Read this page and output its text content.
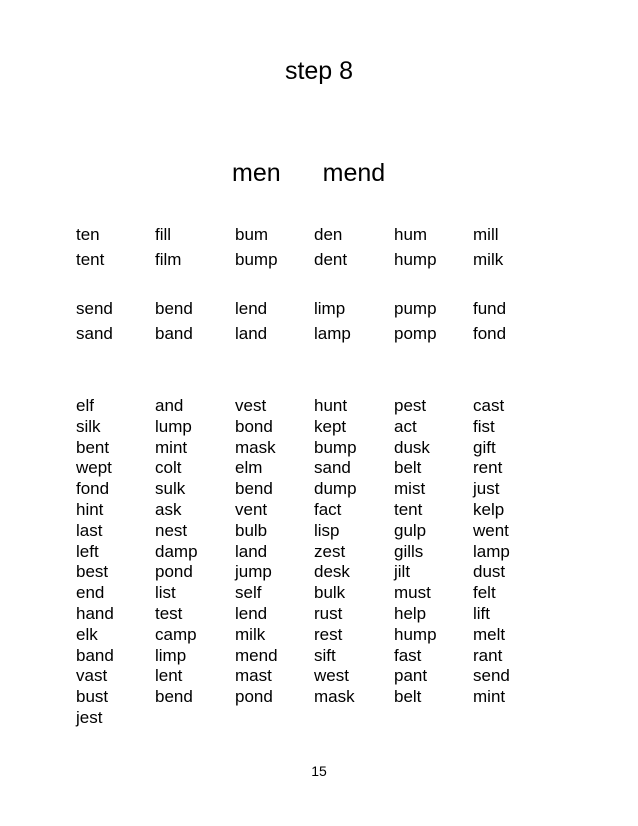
step 8
men mend
ten	fill	bum	den	hum	mill
tent	film	bump	dent	hump	milk
send	bend	lend	limp	pump	fund
sand	band	land	lamp	pomp	fond
elf	and	vest	hunt	pest	cast
silk	lump	bond	kept	act	fist
bent	mint	mask	bump	dusk	gift
wept	colt	elm	sand	belt	rent
fond	sulk	bend	dump	mist	just
hint	ask	vent	fact	tent	kelp
last	nest	bulb	lisp	gulp	went
left	damp	land	zest	gills	lamp
best	pond	jump	desk	jilt	dust
end	list	self	bulk	must	felt
hand	test	lend	rust	help	lift
elk	camp	milk	rest	hump	melt
band	limp	mend	sift	fast	rant
vast	lent	mast	west	pant	send
bust	bend	pond	mask	belt	mint
jest
15
